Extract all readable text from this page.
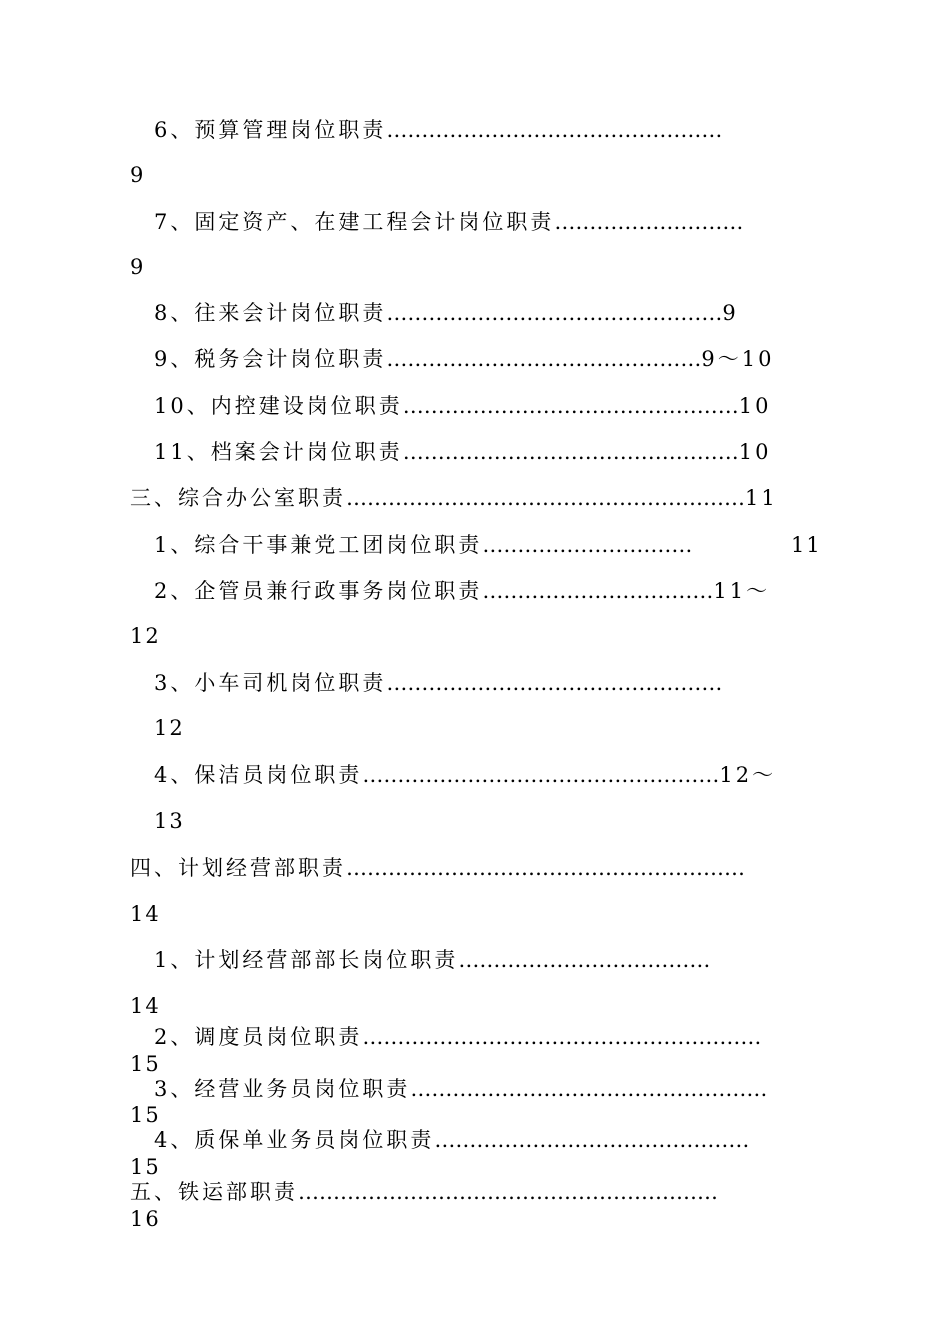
6、预算管理岗位职责…………………………………………
9
7、固定资产、在建工程会计岗位职责………………………
9
8、往来会计岗位职责…………………………………………9
9、税务会计岗位职责………………………………………9～10
10、内控建设岗位职责…………………………………………10
11、档案会计岗位职责…………………………………………10
三、综合办公室职责…………………………………………………11
1、综合干事兼党工团岗位职责…………………………	11
2、企管员兼行政事务岗位职责……………………………11～
12
3、小车司机岗位职责…………………………………………
12
4、保洁员岗位职责……………………………………………12～
13
四、计划经营部职责…………………………………………………
14
1、计划经营部部长岗位职责………………………………
14
2、调度员岗位职责…………………………………………………
15
3、经营业务员岗位职责……………………………………………
15
4、质保单业务员岗位职责………………………………………
15
五、铁运部职责……………………………………………………
16
